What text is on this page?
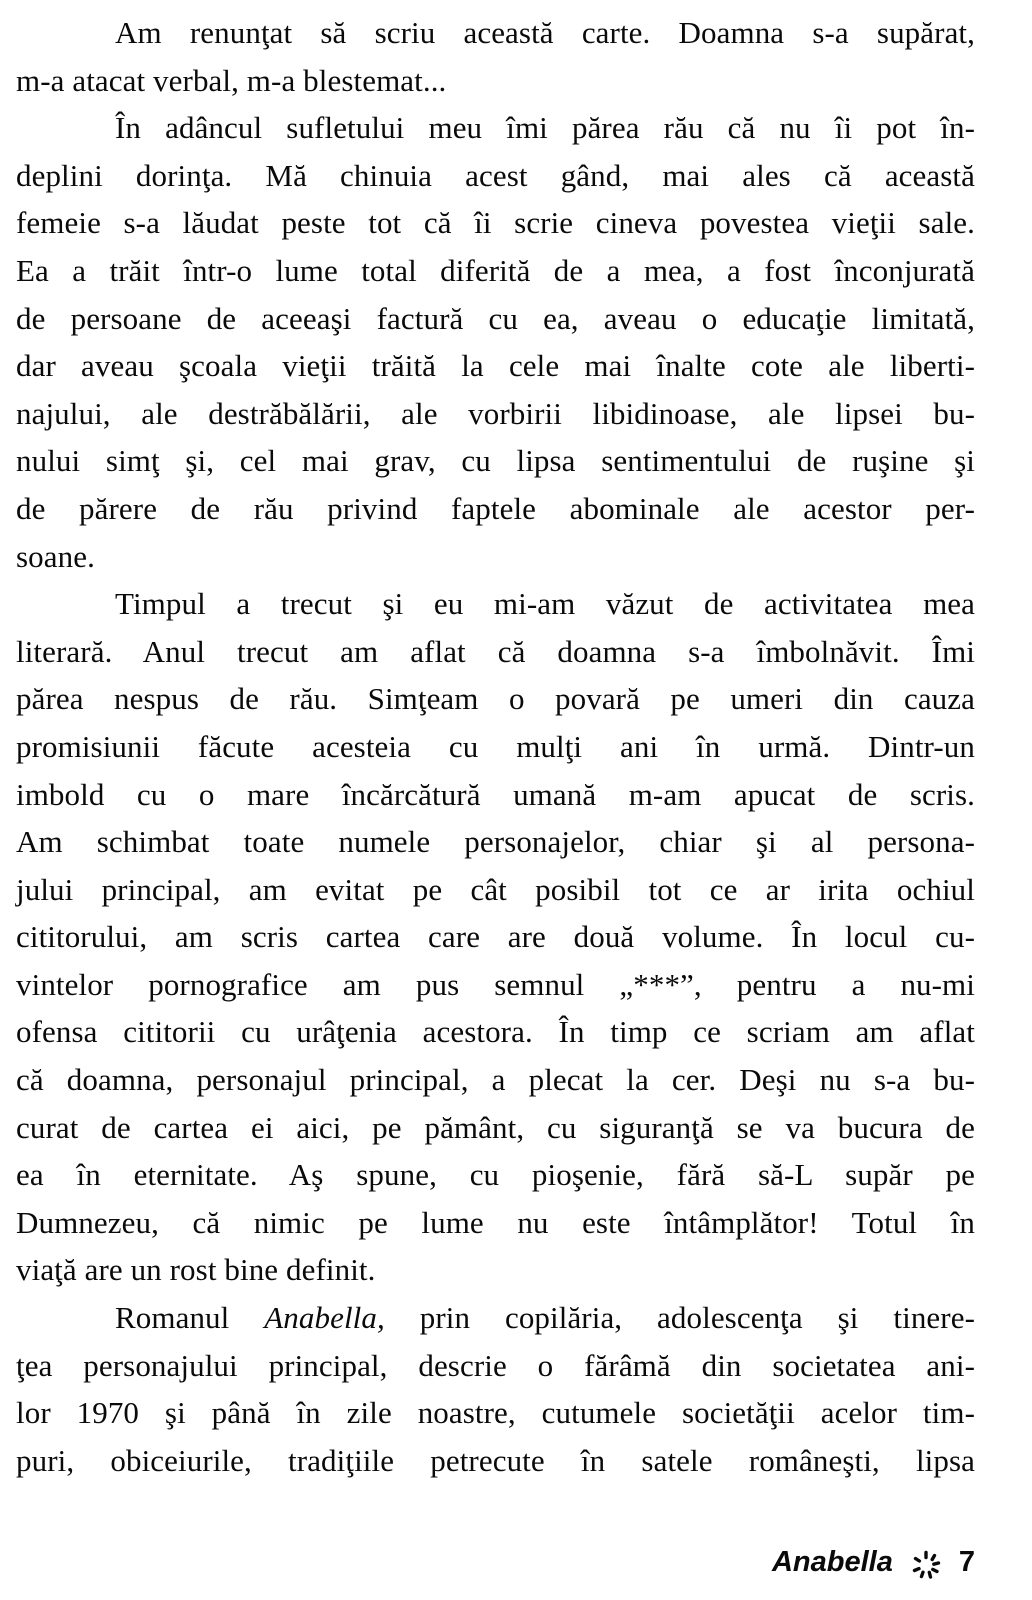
Am renunţat să scriu această carte. Doamna s-a supărat,
m-a atacat verbal, m-a blestemat...
În adâncul sufletului meu îmi părea rău că nu îi pot în-
deplini dorinţa. Mă chinuia acest gând, mai ales că această
femeie s-a lăudat peste tot că îi scrie cineva povestea vieţii sale.
Ea a trăit într-o lume total diferită de a mea, a fost înconjurată
de persoane de aceeaşi factură cu ea, aveau o educaţie limitată,
dar aveau şcoala vieţii trăită la cele mai înalte cote ale liberti-
najului, ale destrăbălării, ale vorbirii libidinoase, ale lipsei bu-
nului simţ şi, cel mai grav, cu lipsa sentimentului de ruşine şi
de părere de rău privind faptele abominale ale acestor per-
soane.
Timpul a trecut şi eu mi-am văzut de activitatea mea
literară. Anul trecut am aflat că doamna s-a îmbolnăvit. Îmi
părea nespus de rău. Simţeam o povară pe umeri din cauza
promisiunii făcute acesteia cu mulţi ani în urmă. Dintr-un
imbold cu o mare încărcătură umană m-am apucat de scris.
Am schimbat toate numele personajelor, chiar şi al persona-
jului principal, am evitat pe cât posibil tot ce ar irita ochiul
cititorului, am scris cartea care are două volume. În locul cu-
vintelor pornografice am pus semnul „***”, pentru a nu-mi
ofensa cititorii cu urâţenia acestora. În timp ce scriam am aflat
că doamna, personajul principal, a plecat la cer. Deşi nu s-a bu-
curat de cartea ei aici, pe pământ, cu siguranţă se va bucura de
ea în eternitate. Aş spune, cu pioşenie, fără să-L supăr pe
Dumnezeu, că nimic pe lume nu este întâmplător! Totul în
viaţă are un rost bine definit.
Romanul Anabella, prin copilăria, adolescenţa şi tinere-
ţea personajului principal, descrie o fărâmă din societatea ani-
lor 1970 şi până în zile noastre, cutumele societăţii acelor tim-
puri, obiceiurile, tradiţiile petrecute în satele româneşti, lipsa
Anabella 7
